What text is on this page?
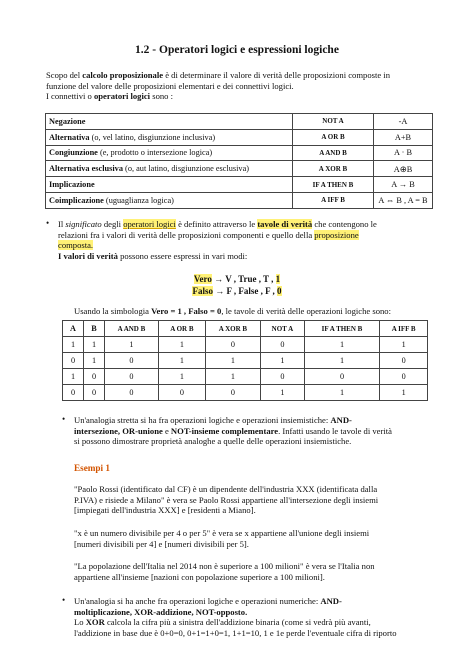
1.2 - Operatori logici e espressioni logiche
Scopo del calcolo proposizionale è di determinare il valore di verità delle proposizioni composte in
funzione del valore delle proposizioni elementari e dei connettivi logici.
I connettivi o operatori logici sono :
Negazione	NOT A	-A
Alternativa (o, vel latino, disgiunzione inclusiva)	A OR B	A+B
Congiunzione (e, prodotto o intersezione logica)	A AND B	A · B
Alternativa esclusiva (o, aut latino, disgiunzione esclusiva)	A XOR B	A⊕B
Implicazione	IF A THEN B	A → B
Coimplicazione (uguaglianza logica)	A IFF B	A ⇔ B , A = B
• Il significato degli operatori logici è definito attraverso le tavole di verità che contengono le
relazioni fra i valori di verità delle proposizioni componenti e quello della proposizione
composta.
I valori di verità possono essere espressi in vari modi:
Vero → V , True , T , 1
Falso → F , False , F , 0
Usando la simbologia Vero = 1 , Falso = 0, le tavole di verità delle operazioni logiche sono:
A	B	A AND B	A OR B	A XOR B	NOT A	IF A THEN B	A IFF B
1	1	1	1	0	0	1	1
0	1	0	1	1	1	1	0
1	0	0	1	1	0	0	0
0	0	0	0	0	1	1	1
• Un'analogia stretta si ha fra operazioni logiche e operazioni insiemistiche: AND-
intersezione, OR-unione e NOT-insieme complementare. Infatti usando le tavole di verità
si possono dimostrare proprietà analoghe a quelle delle operazioni insiemistiche.
Esempi 1
"Paolo Rossi (identificato dal CF) è un dipendente dell'industria XXX (identificata dalla
P.IVA) e risiede a Milano" è vera se Paolo Rossi appartiene all'intersezione degli insiemi
[impiegati dell'industria XXX] e [residenti a Miano].
"x è un numero divisibile per 4 o per 5" è vera se x appartiene all'unione degli insiemi
[numeri divisibili per 4] e [numeri divisibili per 5].
"La popolazione dell'Italia nel 2014 non è superiore a 100 milioni" è vera se l'Italia non
appartiene all'insieme [nazioni con popolazione superiore a 100 milioni].
• Un'analogia si ha anche fra operazioni logiche e operazioni numeriche: AND-
moltiplicazione, XOR-addizione, NOT-opposto.
Lo XOR calcola la cifra più a sinistra dell'addizione binaria (come si vedrà più avanti,
l'addizione in base due è 0+0=0, 0+1=1+0=1, 1+1=10, 1 e 1e perde l'eventuale cifra di riporto
